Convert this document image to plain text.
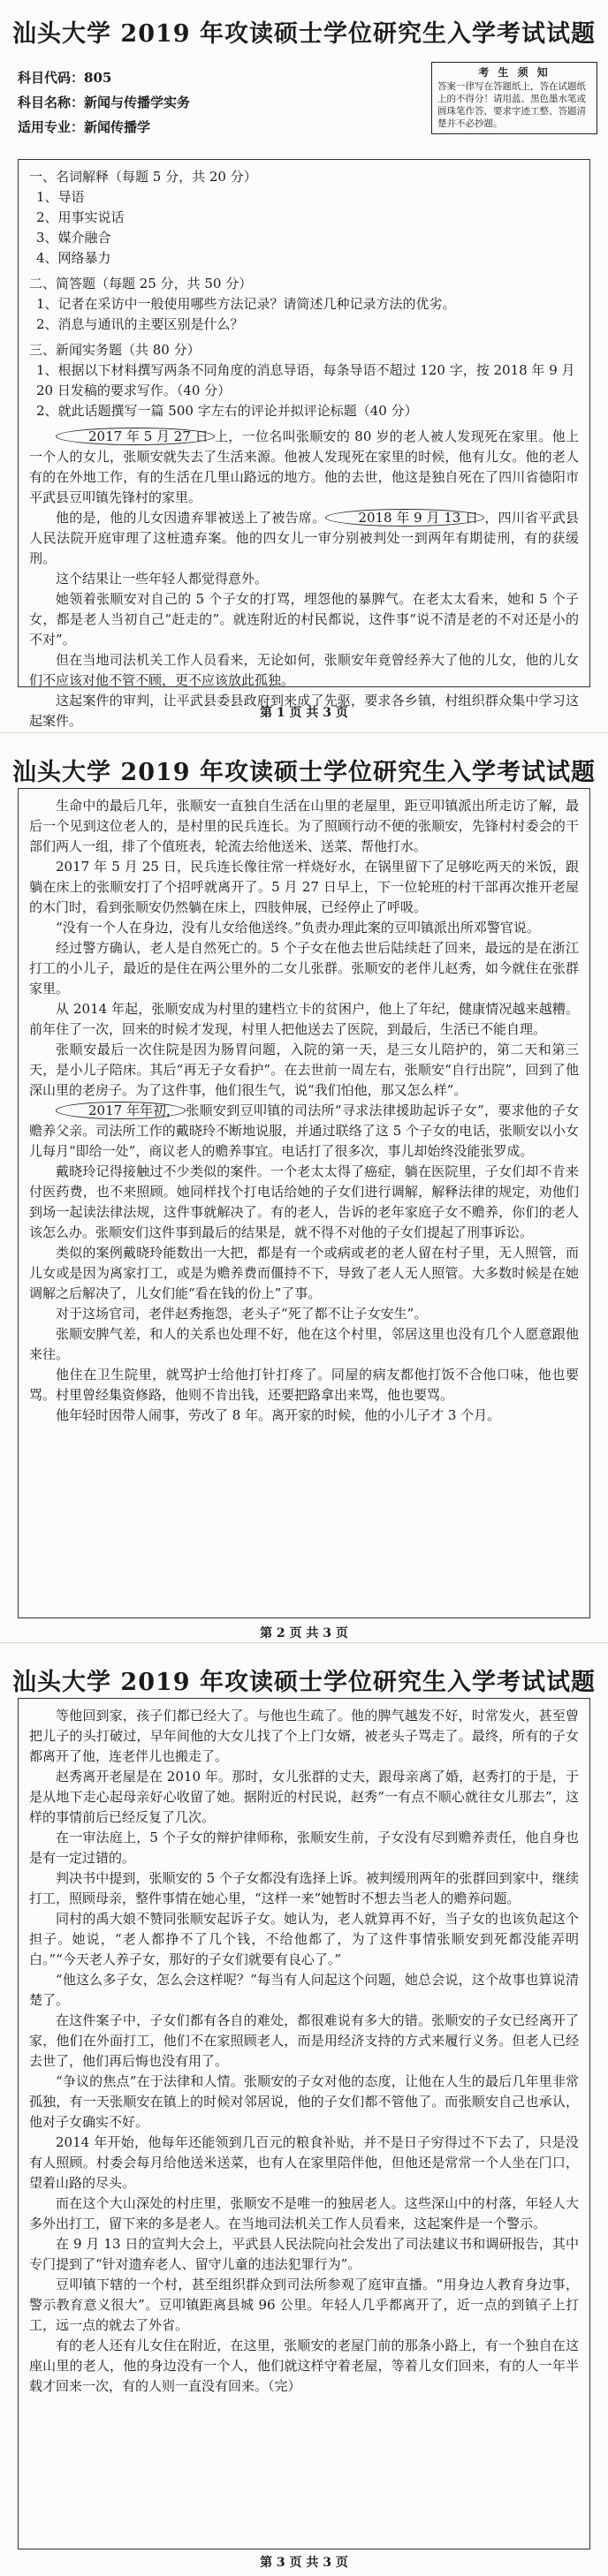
汕头大学 2019 年攻读硕士学位研究生入学考试试题
科目代码：805
科目名称：新闻与传播学实务
适用专业：新闻传播学
考 生 须 知
答案一律写在答题纸上，答在试题纸上的不得分！请用蓝、黑色墨水笔或圆珠笔作答，要求字迹工整、答题清楚并不必抄题。
一、名词解释（每题 5 分，共 20 分）
1、导语
2、用事实说话
3、媒介融合
4、网络暴力
二、简答题（每题 25 分，共 50 分）
1、记者在采访中一般使用哪些方法记录？请简述几种记录方法的优劣。
2、消息与通讯的主要区别是什么？
三、新闻实务题（共 80 分）
1、根据以下材料撰写两条不同角度的消息导语，每条导语不超过 120 字，按 2018 年 9 月 20 日发稿的要求写作。（40 分）
2、就此话题撰写一篇 500 字左右的评论并拟评论标题（40 分）
2017 年 5 月 27 日 上，一位名叫张顺安的 80 岁的老人被人发现死在家里。他上一个人的女儿，张顺安就失去了生活来源。他被人发现死在家里的时候，他有儿女。他的老人有的在外地工作，有的生活在几里山路远的地方。他的去世，他这是独自死在了四川省德阳市平武县豆叩镇先锋村的家里。
他的是，他的儿女因遗弃罪被送上了被告席。 2018 年 9 月 13 日 ，四川省平武县人民法院开庭审理了这桩遗弃案。他的四女儿一审分别被判处一到两年有期徒刑，有的获缓刑。
这个结果让一些年轻人都觉得意外。
她领着张顺安对自己的 5 个子女的打骂，埋怨他的暴脾气。在老太太看来，她和 5 个子女，都是老人当初自己“赶走的”。就连附近的村民都说，这件事“说不清是老的不对还是小的不对”。
但在当地司法机关工作人员看来，无论如何，张顺安年竟曾经养大了他的儿女，他的儿女们不应该对他不管不顾，更不应该放此孤独。
这起案件的审判，让平武县委县政府到来成了先驱，要求各乡镇，村组织群众集中学习这起案件。	第 1 页 共 3 页
汕头大学 2019 年攻读硕士学位研究生入学考试试题
生命中的最后几年，张顺安一直独自生活在山里的老屋里，距豆叩镇派出所走访了解，最后一个见到这位老人的，是村里的民兵连长。为了照顾行动不便的张顺安，先锋村村委会的干部们两人一组，排了个值班表，轮流去给他送米、送菜、帮他打水。
2017 年 5 月 25 日，民兵连长像往常一样烧好水，在锅里留下了足够吃两天的米饭，跟躺在床上的张顺安打了个招呼就离开了。5 月 27 日早上，下一位轮班的村干部再次推开老屋的木门时，看到张顺安仍然躺在床上，四肢伸展，已经停止了呼吸。
“没有一个人在身边，没有儿女给他送终。”负责办理此案的豆叩镇派出所邓警官说。
经过警方确认，老人是自然死亡的。5 个子女在他去世后陆续赶了回来，最远的是在浙江打工的小儿子，最近的是住在两公里外的二女儿张群。张顺安的老伴儿赵秀，如今就住在张群家里。
从 2014 年起，张顺安成为村里的建档立卡的贫困户，他上了年纪，健康情况越来越糟。前年住了一次，回来的时候才发现，村里人把他送去了医院，到最后，生活已不能自理。
张顺安最后一次住院是因为肠胃问题，入院的第一天，是三女儿陪护的，第二天和第三天，是小儿子陪床。其后“再无子女看护”。在去世前一周左右，张顺安“自行出院”，回到了他深山里的老房子。为了这件事，他们很生气，说“我们怕他，那又怎么样”。
2017 年年初， 张顺安到豆叩镇的司法所“寻求法律援助起诉子女”，要求他的子女赡养父亲。司法所工作的戴晓玲不断地说服，并通过联络了这 5 个子女的电话，张顺安以小女儿每月“即给一处”，商议老人的赡养事宜。电话打了很多次，事儿却始终没能张罗成。
戴晓玲记得接触过不少类似的案件。一个老太太得了癌症，躺在医院里，子女们却不肯来付医药费，也不来照顾。她同样找个打电话给她的子女们进行调解，解释法律的规定，劝他们到场一起读法律法规，这件事就解决了。有的老人，告诉的老年家庭子女不赡养，你们的老人该怎么办。张顺安们这件事到最后的结果是，就不得不对他的子女们提起了刑事诉讼。
类似的案例戴晓玲能数出一大把，都是有一个或病或老的老人留在村子里，无人照管，而儿女或是因为离家打工，或是为赡养费而僵持不下，导致了老人无人照管。大多数时候是在她调解之后解决了，儿女们能“看在钱的份上”了事。
对于这场官司，老伴赵秀拖怨，老头子“死了都不让子女安生”。
张顺安脾气差，和人的关系也处理不好，他在这个村里，邻居这里也没有几个人愿意跟他来往。
他住在卫生院里，就骂护士给他打针打疼了。同屋的病友都他打饭不合他口味，他也要骂。村里曾经集资修路，他则不肯出钱，还要把路拿出来骂，他也要骂。
他年轻时因带人闹事，劳改了 8 年。离开家的时候，他的小儿子才 3 个月。
第 2 页 共 3 页
汕头大学 2019 年攻读硕士学位研究生入学考试试题
等他回到家，孩子们都已经大了。与他也生疏了。他的脾气越发不好，时常发火，甚至曾把儿子的头打破过，早年间他的大女儿找了个上门女婿，被老头子骂走了。最终，所有的子女都离开了他，连老伴儿也搬走了。
赵秀离开老屋是在 2010 年。那时，女儿张群的丈夫，跟母亲离了婚，赵秀打的于是，于是从地下走心起母亲好心收留了她。据附近的村民说，赵秀“一有点不顺心就往女儿那去”，这样的事情前后已经反复了几次。
在一审法庭上，5 个子女的辩护律师称，张顺安生前，子女没有尽到赡养责任，他自身也是有一定过错的。
判决书中提到，张顺安的 5 个子女都没有选择上诉。被判缓刑两年的张群回到家中，继续打工，照顾母亲，整件事情在她心里，“这样一来”她暂时不想去当老人的赡养问题。
同村的禹大娘不赞同张顺安起诉子女。她认为，老人就算再不好，当子女的也该负起这个担子。她说，“老人都挣不了几个钱，不给他都了，为了这件事情张顺安到死都没能弄明白。”“今天老人养子女，那好的子女们就要有良心了。”
“他这么多子女，怎么会这样呢？”每当有人问起这个问题，她总会说，这个故事也算说清楚了。
在这件案子中，子女们都有各自的难处，都很难说有多大的错。张顺安的子女已经离开了家，他们在外面打工，他们不在家照顾老人，而是用经济支持的方式来履行义务。但老人已经去世了，他们再后悔也没有用了。
“争议的焦点”在于法律和人情。张顺安的子女对他的态度，让他在人生的最后几年里非常孤独，有一天张顺安在镇上的时候对邻居说，他的子女们都不管他了。而张顺安自己也承认，他对子女确实不好。
2014 年开始，他每年还能领到几百元的粮食补贴，并不是日子穷得过不下去了，只是没有人照顾。村委会每月给他送米送菜，也有人在家里陪伴他，但他还是常常一个人坐在门口，望着山路的尽头。
而在这个大山深处的村庄里，张顺安不是唯一的独居老人。这些深山中的村落，年轻人大多外出打工，留下来的多是老人。在当地司法机关工作人员看来，这起案件是一个警示。
在 9 月 13 日的宣判大会上，平武县人民法院向社会发出了司法建议书和调研报告，其中专门提到了“针对遗弃老人、留守儿童的违法犯罪行为”。
豆叩镇下辖的一个村，甚至组织群众到司法所参观了庭审直播。“用身边人教育身边事，警示教育意义很大”。豆叩镇距离县城 96 公里。年轻人几乎都离开了，近一点的到镇子上打工，远一点的就去了外省。
有的老人还有儿女住在附近，在这里，张顺安的老屋门前的那条小路上，有一个独自在这座山里的老人，他的身边没有一个人，他们就这样守着老屋，等着儿女们回来，有的人一年半载才回来一次，有的人则一直没有回来。（完）
第 3 页 共 3 页
